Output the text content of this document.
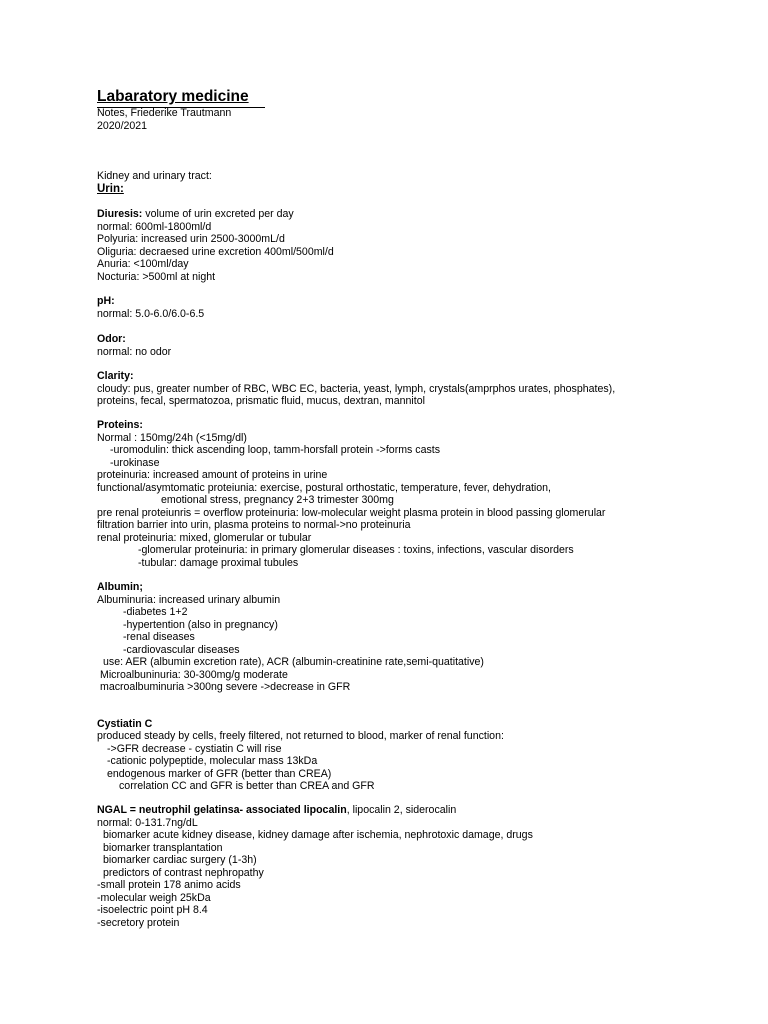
Labaratory medicine
Notes, Friederike Trautmann
2020/2021
Kidney and urinary tract:
Urin:
Diuresis: volume of urin excreted per day
normal: 600ml-1800ml/d
Polyuria: increased urin 2500-3000mL/d
Oliguria: decraesed urine excretion 400ml/500ml/d
Anuria: <100ml/day
Nocturia: >500ml at night
pH:
normal: 5.0-6.0/6.0-6.5
Odor:
normal: no odor
Clarity:
cloudy: pus, greater number of RBC, WBC EC, bacteria, yeast, lymph, crystals(amprphos urates, phosphates),
proteins, fecal, spermatozoa, prismatic fluid, mucus, dextran, mannitol
Proteins:
Normal : 150mg/24h (<15mg/dl)
-uromodulin: thick ascending loop, tamm-horsfall protein ->forms casts
-urokinase
proteinuria: increased amount of proteins in urine
functional/asymtomatic proteiunia: exercise, postural orthostatic, temperature, fever, dehydration,
emotional stress, pregnancy 2+3 trimester 300mg
pre renal proteiunris = overflow proteinuria: low-molecular weight plasma protein in blood passing glomerular
filtration barrier into urin, plasma proteins to normal->no proteinuria
renal proteinuria: mixed, glomerular or tubular
-glomerular proteinuria: in primary glomerular diseases : toxins, infections, vascular disorders
-tubular: damage proximal tubules
Albumin;
Albuminuria: increased urinary albumin
-diabetes 1+2
-hypertention (also in pregnancy)
-renal diseases
-cardiovascular diseases
use: AER (albumin excretion rate), ACR (albumin-creatinine rate,semi-quatitative)
Microalbuninuria: 30-300mg/g moderate
macroalbuminuria >300ng severe ->decrease in GFR
Cystiatin C
produced steady by cells, freely filtered, not returned to blood, marker of renal function:
->GFR decrease - cystiatin C will rise
-cationic polypeptide, molecular mass 13kDa
endogenous marker of GFR (better than CREA)
correlation CC and GFR is better than CREA and GFR
NGAL = neutrophil gelatinsa- associated lipocalin, lipocalin 2, siderocalin
normal: 0-131.7ng/dL
biomarker acute kidney disease, kidney damage after ischemia, nephrotoxic damage, drugs
biomarker transplantation
biomarker cardiac surgery (1-3h)
predictors of contrast nephropathy
-small protein 178 animo acids
-molecular weigh 25kDa
-isoelectric point pH 8.4
-secretory protein
